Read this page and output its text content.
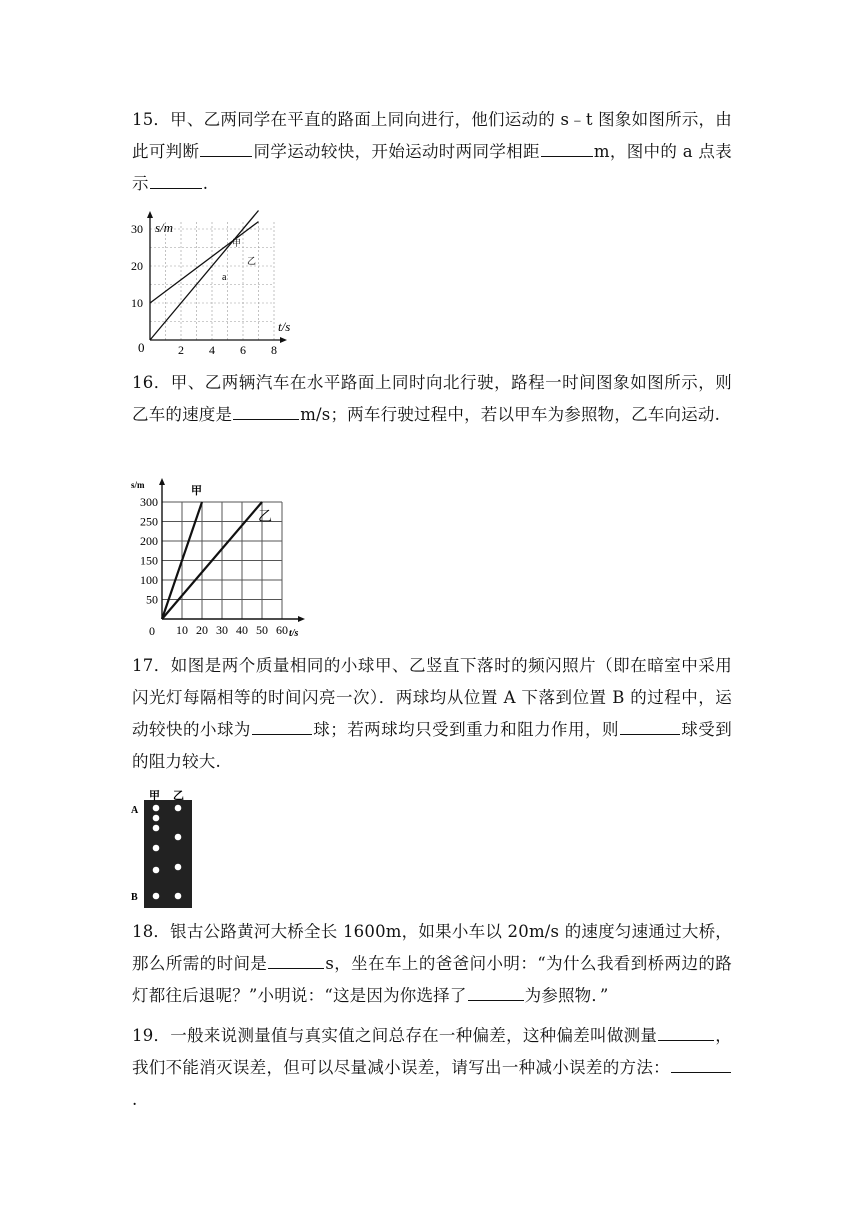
15．甲、乙两同学在平直的路面上同向进行，他们运动的 s﹣t 图象如图所示，由此可判断	同学运动较快，开始运动时两同学相距	m，图中的 a 点表示	.
s/m
t/s
0
甲
乙
a
2 4 6 8
10
20
30
16．甲、乙两辆汽车在水平路面上同时向北行驶，路程一时间图象如图所示，则乙车的速度是	m/s；两车行驶过程中，若以甲车为参照物，乙车向运动.
10 20 30 40 50 60
50
100
150
200
250
300
s/m
t/s
0
甲
乙
17．如图是两个质量相同的小球甲、乙竖直下落时的频闪照片（即在暗室中采用闪光灯每隔相等的时间闪亮一次）．两球均从位置 A 下落到位置 B 的过程中，运动较快的小球为	球；若两球均只受到重力和阻力作用，则	球受到的阻力较大.
甲 乙
A
B
18．银古公路黄河大桥全长 1600m，如果小车以 20m/s 的速度匀速通过大桥，那么所需的时间是	s，坐在车上的爸爸问小明：“为什么我看到桥两边的路灯都往后退呢？”小明说：“这是因为你选择了	为参照物．”
19．一般来说测量值与真实值之间总存在一种偏差，这种偏差叫做测量	，我们不能消灭误差，但可以尽量减小误差，请写出一种减小误差的方法：.
